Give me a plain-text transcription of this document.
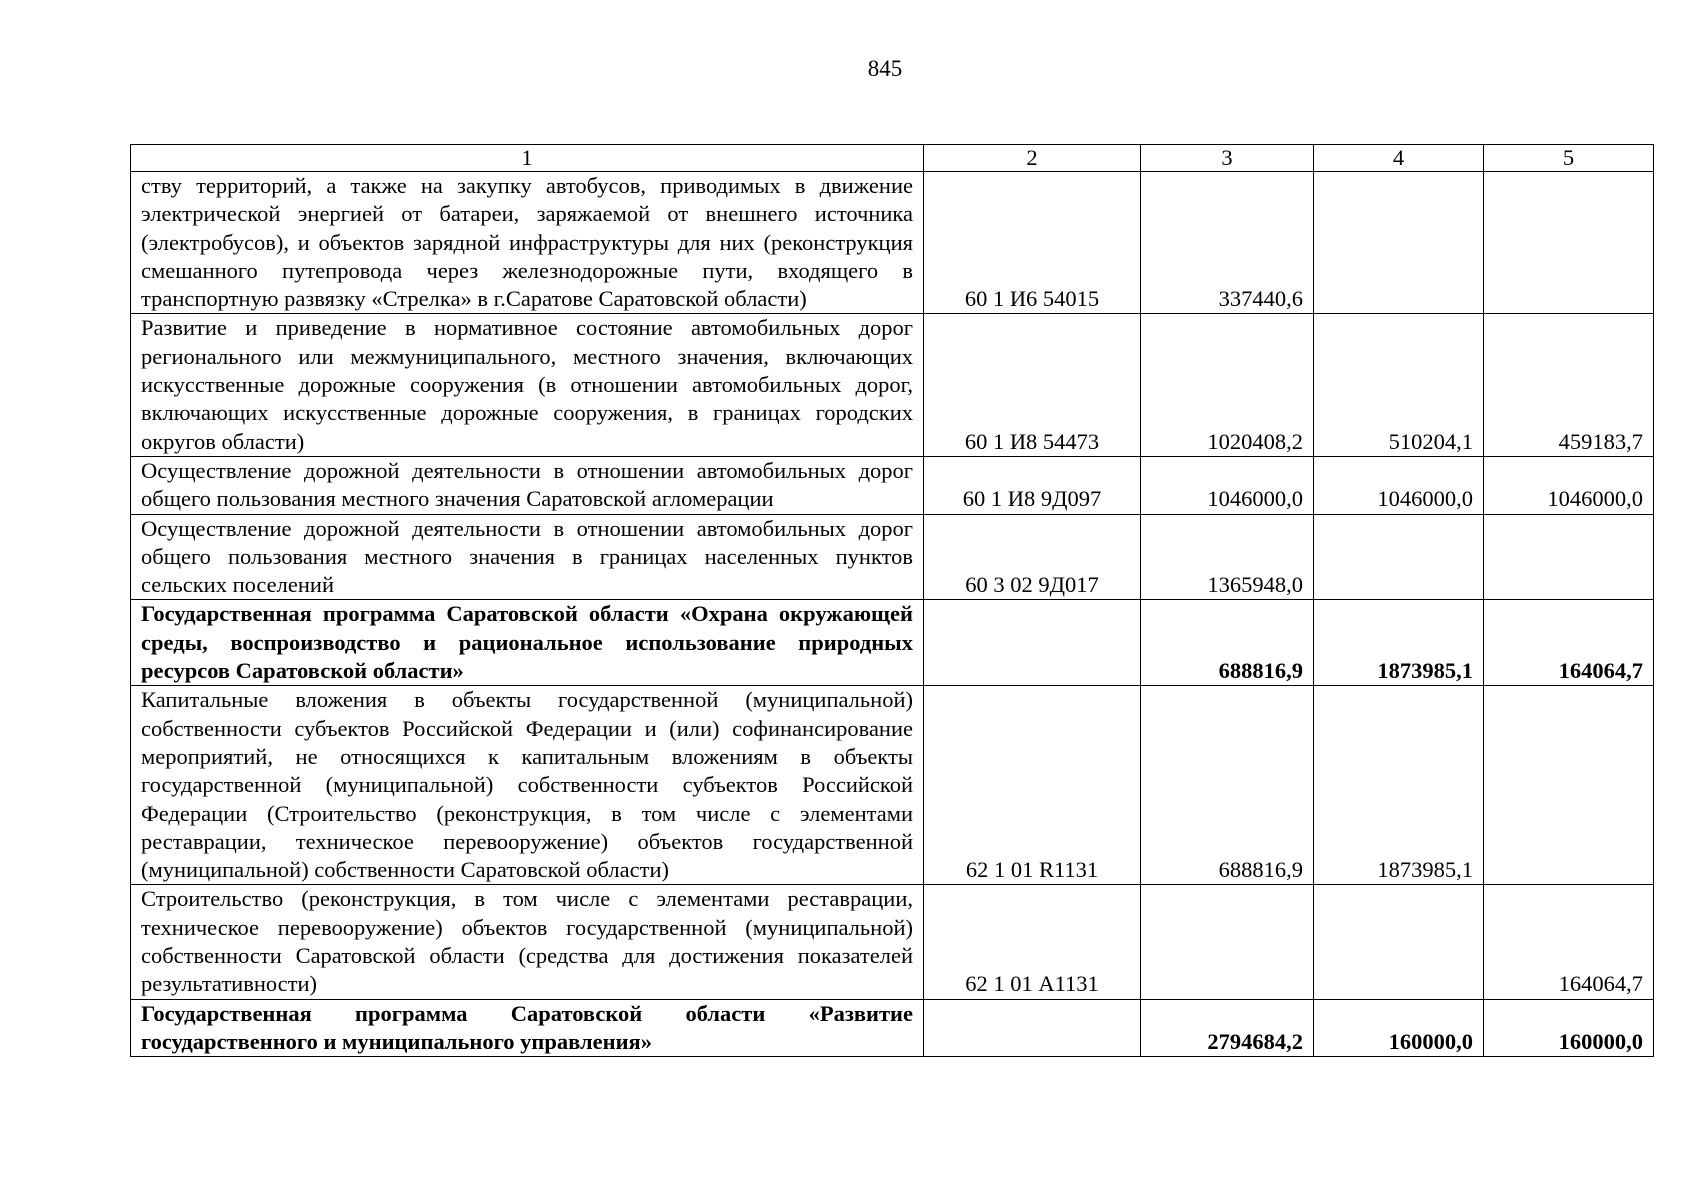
845
1	2	3	4	5
ству территорий, а также на закупку автобусов, приводимых в движение электрической энергией от батареи, заряжаемой от внешнего источника (электробусов), и объектов зарядной инфраструктуры для них (реконструкция смешанного путепровода через железнодорожные пути, входящего в транспортную развязку «Стрелка» в г.Саратове Саратовской области)	60 1 И6 54015	337440,6		
Развитие и приведение в нормативное состояние автомобильных дорог регионального или межмуниципального, местного значения, включающих искусственные дорожные сооружения (в отношении автомобильных дорог, включающих искусственные дорожные сооружения, в границах городских округов области)	60 1 И8 54473	1020408,2	510204,1	459183,7
Осуществление дорожной деятельности в отношении автомобильных дорог общего пользования местного значения Саратовской агломерации	60 1 И8 9Д097	1046000,0	1046000,0	1046000,0
Осуществление дорожной деятельности в отношении автомобильных дорог общего пользования местного значения в границах населенных пунктов сельских поселений	60 3 02 9Д017	1365948,0		
Государственная программа Саратовской области «Охрана окружающей среды, воспроизводство и рациональное использование природных ресурсов Саратовской области»		688816,9	1873985,1	164064,7
Капитальные вложения в объекты государственной (муниципальной) собственности субъектов Российской Федерации и (или) софинансирование мероприятий, не относящихся к капитальным вложениям в объекты государственной (муниципальной) собственности субъектов Российской Федерации (Строительство (реконструкция, в том числе с элементами реставрации, техническое перевооружение) объектов государственной (муниципальной) собственности Саратовской области)	62 1 01 R1131	688816,9	1873985,1	
Строительство (реконструкция, в том числе с элементами реставрации, техническое перевооружение) объектов государственной (муниципальной) собственности Саратовской области (средства для достижения показателей результативности)	62 1 01 А1131			164064,7
Государственная программа Саратовской области «Развитие государственного и муниципального управления»		2794684,2	160000,0	160000,0
